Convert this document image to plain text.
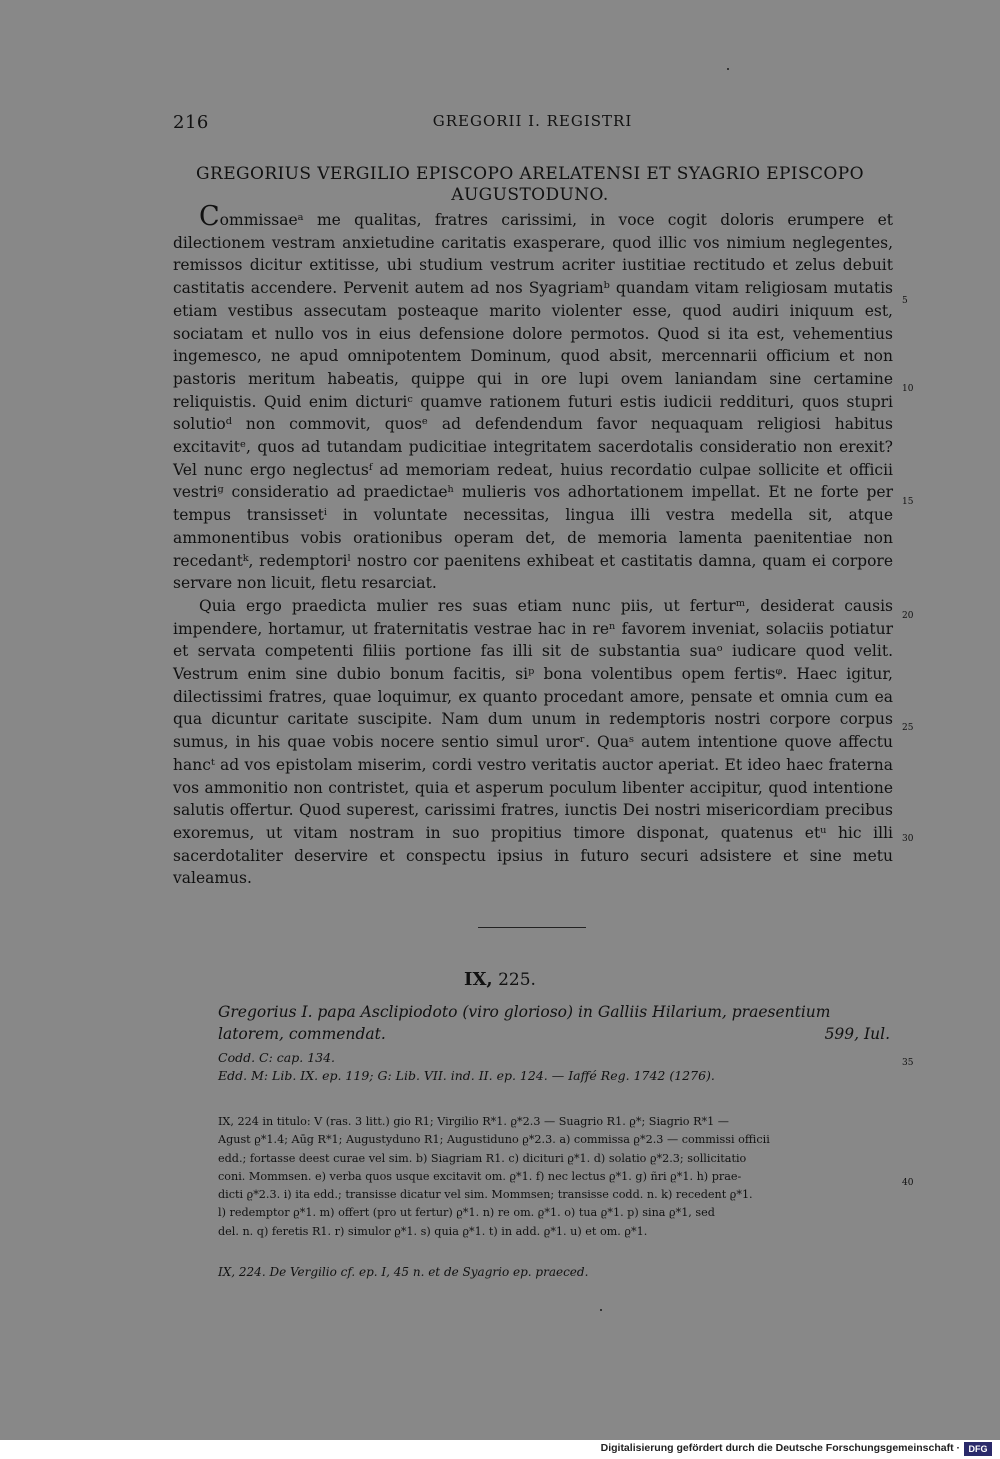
216	GREGORII I. REGISTRI
GREGORIUS VERGILIO EPISCOPO ARELATENSI ET SYAGRIO EPISCOPO AUGUSTODUNO.

Commissaeᵃ me qualitas, fratres carissimi, in voce cogit doloris erumpere et dilectionem vestram anxietudine caritatis exasperare, quod illic vos nimium neglegentes, remissos dicitur extitisse, ubi studium vestrum acriter iustitiae rectitudo et zelus debuit castitatis accendere. Pervenit autem ad nos Syagriamᵇ quandam vitam religiosam mutatis etiam vestibus assecutam posteaque marito violenter esse, quod audiri iniquum est, sociatam et nullo vos in eius defensione dolore permotos. Quod si ita est, vehementius ingemesco, ne apud omnipotentem Dominum, quod absit, mercennarii officium et non pastoris meritum habeatis, quippe qui in ore lupi ovem laniandam sine certamine reliquistis. Quid enim dicturiᶜ quamve rationem futuri estis iudicii reddituri, quos stupri solutioᵈ non commovit, quosᵉ ad defendendum favor nequaquam religiosi habitus excitavitᵉ, quos ad tutandam pudicitiae integritatem sacerdotalis consideratio non erexit? Vel nunc ergo neglectusᶠ ad memoriam redeat, huius recordatio culpae sollicite et officii vestriᵍ consideratio ad praedictaeʰ mulieris vos adhortationem impellat. Et ne forte per tempus transissetⁱ in voluntate necessitas, lingua illi vestra medella sit, atque ammonentibus vobis orationibus operam det, de memoria lamenta paenitentiae non recedantᵏ, redemptoriˡ nostro cor paenitens exhibeat et castitatis damna, quam ei corpore servare non licuit, fletu resarciat.

Quia ergo praedicta mulier res suas etiam nunc piis, ut ferturᵐ, desiderat causis impendere, hortamur, ut fraternitatis vestrae hac in reⁿ favorem inveniat, solaciis potiatur et servata competenti filiis portione fas illi sit de substantia suaᵒ iudicare quod velit. Vestrum enim sine dubio bonum facitis, siᵖ bona volentibus opem fertisᵠ. Haec igitur, dilectissimi fratres, quae loquimur, ex quanto procedant amore, pensate et omnia cum ea qua dicuntur caritate suscipite. Nam dum unum in redemptoris nostri corpore corpus sumus, in his quae vobis nocere sentio simul urorʳ. Quaˢ autem intentione quove affectu hancᵗ ad vos epistolam miserim, cordi vestro veritatis auctor aperiat. Et ideo haec fraterna vos ammonitio non contristet, quia et asperum poculum libenter accipitur, quod intentione salutis offertur. Quod superest, carissimi fratres, iunctis Dei nostri misericordiam precibus exoremus, ut vitam nostram in suo propitius timore disponat, quatenus etᵘ hic illi sacerdotaliter deservire et conspectu ipsius in futuro securi adsistere et sine metu valeamus.

5
10
15
20
25
30
35
40
IX, 225.
Gregorius I. papa Asclipiodoto (viro glorioso) in Galliis Hilarium, praesentium latorem, commendat.	599, Iul.
Codd. C: cap. 134.
Edd. M: Lib. IX. ep. 119; G: Lib. VII. ind. II. ep. 124. — Iaffé Reg. 1742 (1276).
IX, 224 in titulo: V (ras. 3 litt.) gio R1; Virgilio R*1. ϱ*2.3 — Suagrio R1. ϱ*; Siagrio R*1 —
Agust ϱ*1.4; Aūg R*1; Augustyduno R1; Augustiduno ϱ*2.3. a) commissa ϱ*2.3 — commissi officii
edd.; fortasse deest curae vel sim. b) Siagriam R1. c) dicituri ϱ*1. d) solatio ϱ*2.3; sollicitatio
coni. Mommsen. e) verba quos usque excitavit om. ϱ*1. f) nec lectus ϱ*1. g) ñri ϱ*1. h) prae-
dicti ϱ*2.3. i) ita edd.; transisse dicatur vel sim. Mommsen; transisse codd. n. k) recedent ϱ*1.
l) redemptor ϱ*1. m) offert (pro ut fertur) ϱ*1. n) re om. ϱ*1. o) tua ϱ*1. p) sina ϱ*1, sed
del. n. q) feretis R1. r) simulor ϱ*1. s) quia ϱ*1. t) in add. ϱ*1. u) et om. ϱ*1.
IX, 224. De Vergilio cf. ep. I, 45 n. et de Syagrio ep. praeced.
Digitalisierung gefördert durch die Deutsche Forschungsgemeinschaft · DFG
